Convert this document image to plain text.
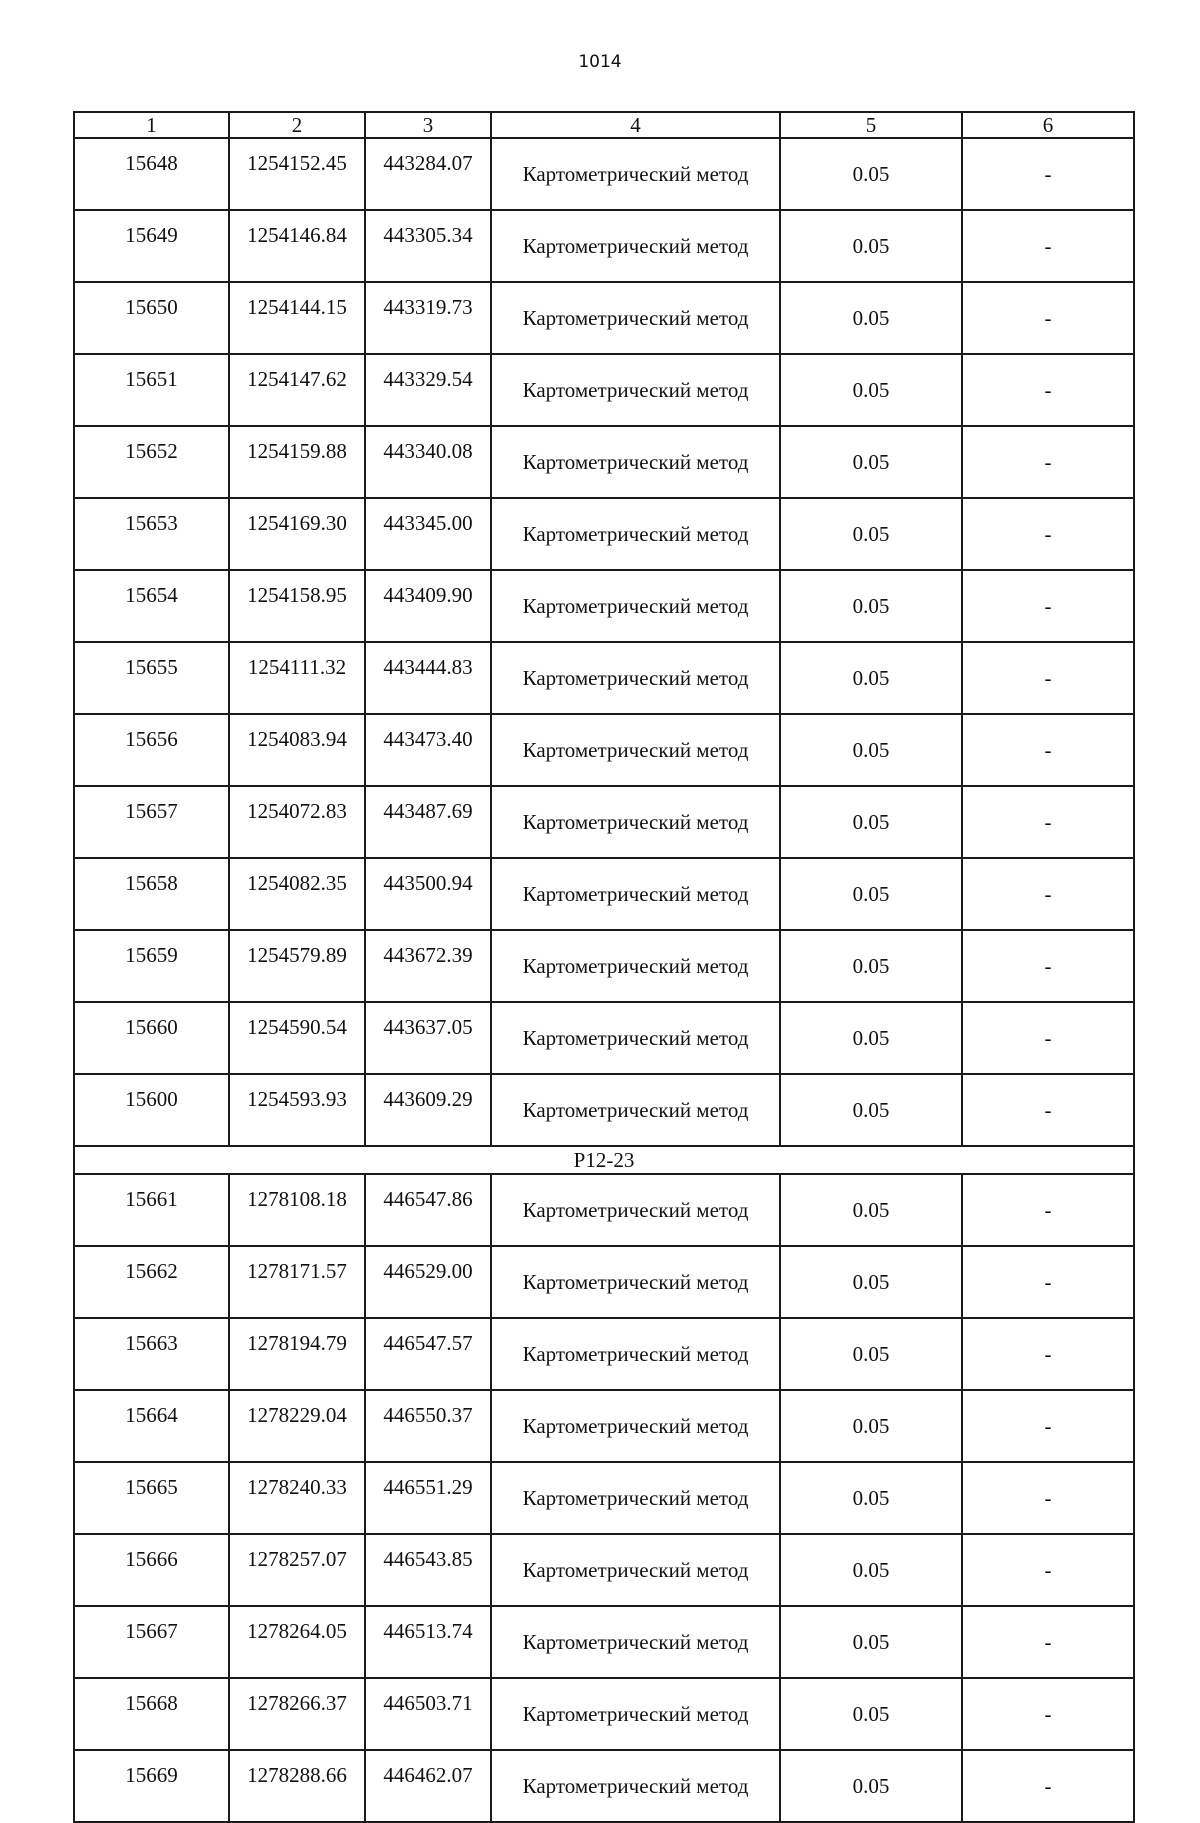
1014
1	2	3	4	5	6
15648	1254152.45	443284.07	Картометрический метод	0.05	-
15649	1254146.84	443305.34	Картометрический метод	0.05	-
15650	1254144.15	443319.73	Картометрический метод	0.05	-
15651	1254147.62	443329.54	Картометрический метод	0.05	-
15652	1254159.88	443340.08	Картометрический метод	0.05	-
15653	1254169.30	443345.00	Картометрический метод	0.05	-
15654	1254158.95	443409.90	Картометрический метод	0.05	-
15655	1254111.32	443444.83	Картометрический метод	0.05	-
15656	1254083.94	443473.40	Картометрический метод	0.05	-
15657	1254072.83	443487.69	Картометрический метод	0.05	-
15658	1254082.35	443500.94	Картометрический метод	0.05	-
15659	1254579.89	443672.39	Картометрический метод	0.05	-
15660	1254590.54	443637.05	Картометрический метод	0.05	-
15600	1254593.93	443609.29	Картометрический метод	0.05	-
Р12-23					
15661	1278108.18	446547.86	Картометрический метод	0.05	-
15662	1278171.57	446529.00	Картометрический метод	0.05	-
15663	1278194.79	446547.57	Картометрический метод	0.05	-
15664	1278229.04	446550.37	Картометрический метод	0.05	-
15665	1278240.33	446551.29	Картометрический метод	0.05	-
15666	1278257.07	446543.85	Картометрический метод	0.05	-
15667	1278264.05	446513.74	Картометрический метод	0.05	-
15668	1278266.37	446503.71	Картометрический метод	0.05	-
15669	1278288.66	446462.07	Картометрический метод	0.05	-
